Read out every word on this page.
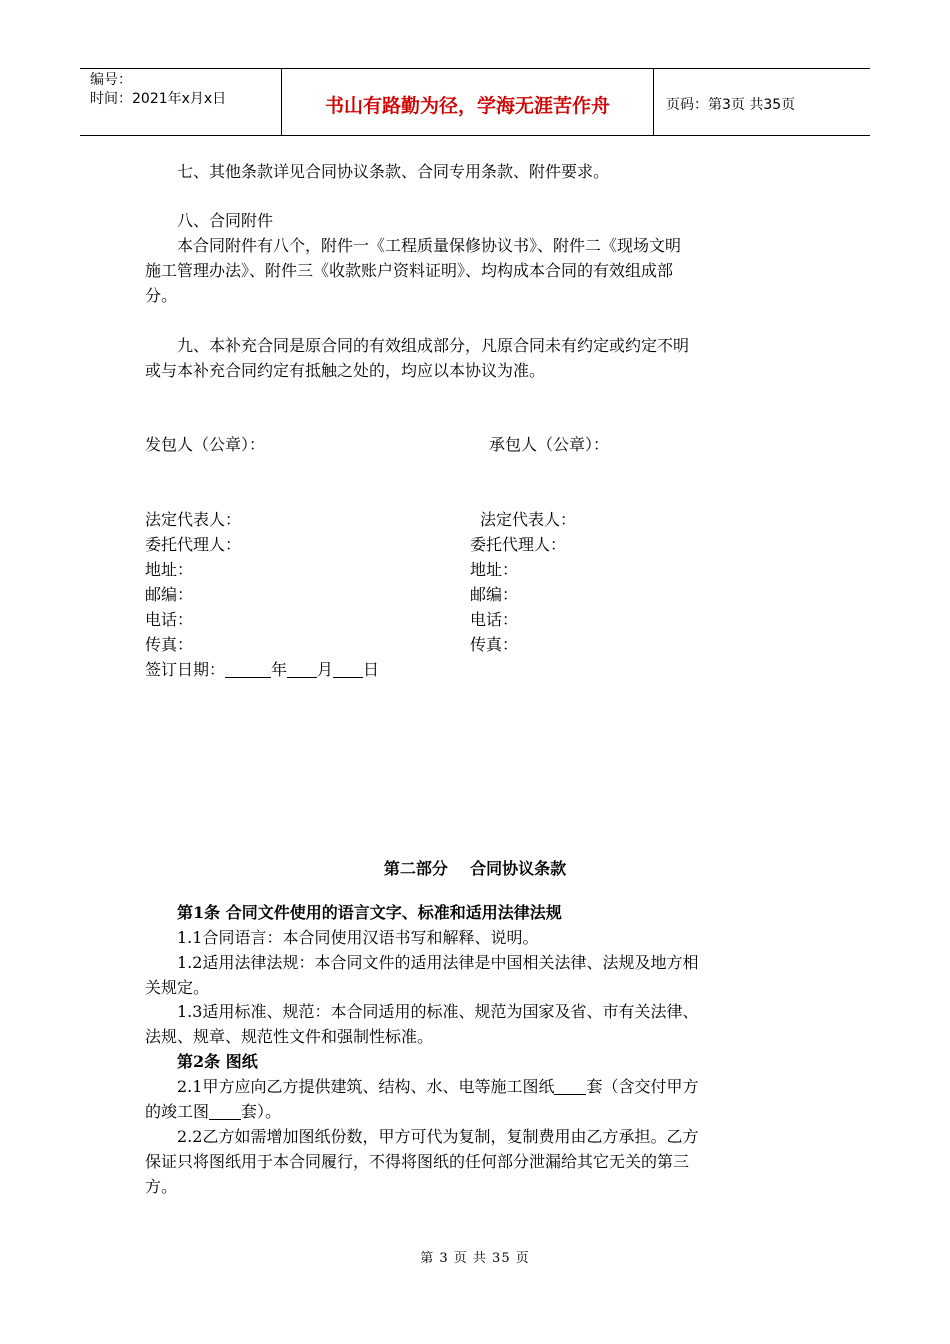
编号：
时间：2021年x月x日	书山有路勤为径，学海无涯苦作舟	页码：第3页 共35页
七、其他条款详见合同协议条款、合同专用条款、附件要求。
八、合同附件
本合同附件有八个，附件一《工程质量保修协议书》、附件二《现场文明
施工管理办法》、附件三《收款账户资料证明》、均构成本合同的有效组成部
分。
九、本补充合同是原合同的有效组成部分，凡原合同未有约定或约定不明
或与本补充合同约定有抵触之处的，均应以本协议为准。
发包人（公章）：	承包人（公章）：
法定代表人：	法定代表人：
委托代理人：	委托代理人：
地址：	地址：
邮编：	邮编：
电话：	电话：
传真：	传真：
签订日期：	年 月 日
第二部分    合同协议条款
第1条 合同文件使用的语言文字、标准和适用法律法规
1.1合同语言：本合同使用汉语书写和解释、说明。
1.2适用法律法规：本合同文件的适用法律是中国相关法律、法规及地方相
关规定。
1.3适用标准、规范：本合同适用的标准、规范为国家及省、市有关法律、
法规、规章、规范性文件和强制性标准。
第2条 图纸
2.1甲方应向乙方提供建筑、结构、水、电等施工图纸 套（含交付甲方
的竣工图 套）。
2.2乙方如需增加图纸份数，甲方可代为复制，复制费用由乙方承担。乙方
保证只将图纸用于本合同履行，不得将图纸的任何部分泄漏给其它无关的第三
方。
第 3 页 共 35 页
